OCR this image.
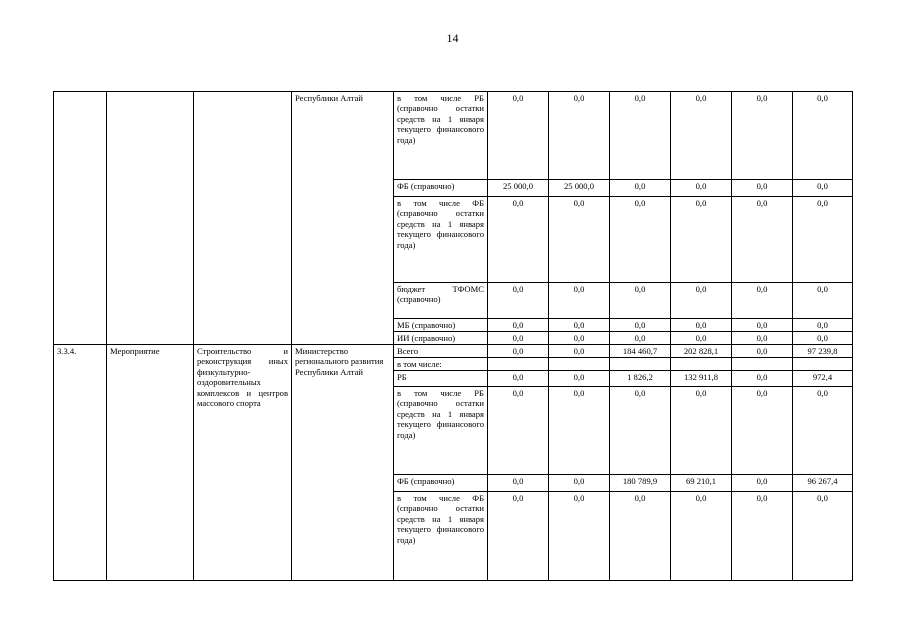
14
			Республики Алтай	в том числе РБ (справочно остатки средств на 1 января текущего финансового года)	0,0	0,0	0,0	0,0	0,0	0,0
				ФБ (справочно)	25 000,0	25 000,0	0,0	0,0	0,0	0,0
				в том числе ФБ (справочно остатки средств на 1 января текущего финансового года)	0,0	0,0	0,0	0,0	0,0	0,0
				бюджет ТФОМС (справочно)	0,0	0,0	0,0	0,0	0,0	0,0
				МБ (справочно)	0,0	0,0	0,0	0,0	0,0	0,0
				ИИ (справочно)	0,0	0,0	0,0	0,0	0,0	0,0
3.3.4.	Мероприятие	Строительство и реконструкция иных физкультурно-оздоровительных комплексов и центров массового спорта	Министерство регионального развития Республики Алтай	Всего	0,0	0,0	184 460,7	202 828,1	0,0	97 239,8
				в том числе:						
				РБ	0,0	0,0	1 826,2	132 911,8	0,0	972,4
				в том числе РБ (справочно остатки средств на 1 января текущего финансового года)	0,0	0,0	0,0	0,0	0,0	0,0
				ФБ (справочно)	0,0	0,0	180 789,9	69 210,1	0,0	96 267,4
				в том числе ФБ (справочно остатки средств на 1 января текущего финансового года)	0,0	0,0	0,0	0,0	0,0	0,0
